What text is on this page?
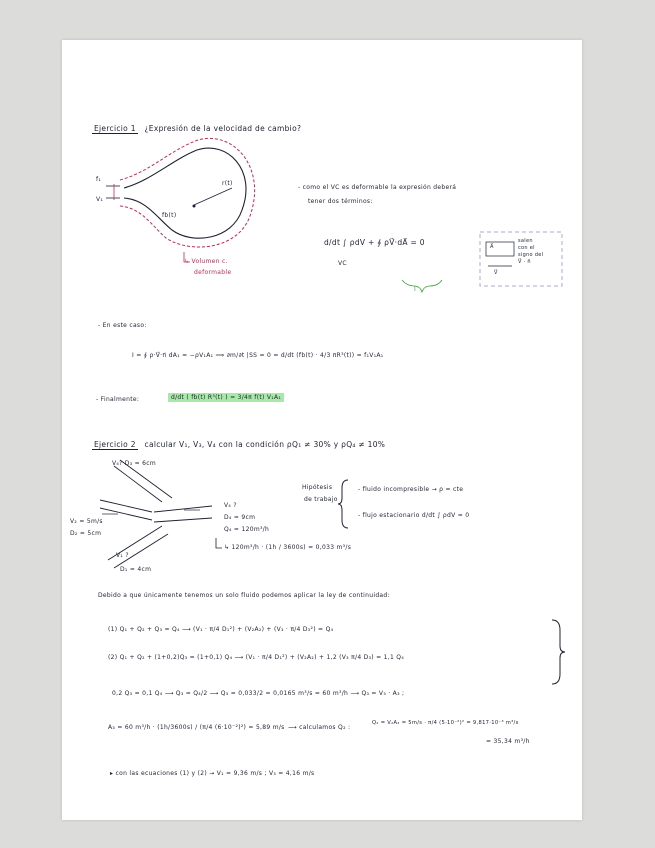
Ejercicio 1 ¿Expresión de la velocidad de cambio?
f₁
V₁
r(t)
fb(t)
↳ Volumen c.
deformable
- como el VC es deformable la expresión deberá
tener dos términos:
d/dt ∫ ρdV + ∮ ρV⃗·dA⃗ = 0
VC
I
salen
con el
signo del
V⃗ · n⃗
A⃗
V⃗
- En este caso:
I = ∮ ρ·V⃗·n⃗ dA₁ = −ρV₁A₁ ⟹ ∂m/∂t |SS = 0 = d/dt (fb(t) · 4/3 πR³(t)) = f₁V₁A₁
- Finalmente:	d/dt ( fb(t) R³(t) ) = 3/4π f(t) V₁A₁
Ejercicio 2 calcular V₁, V₃, V₄ con la condición ρQ₁ ≠ 30% y ρQ₄ ≠ 10%
V₄? D₃ = 6cm
V₄ ?
D₄ = 9cm
Q₄ = 120m³/h
V₂ = 5m/s
D₂ = 5cm
V₁ ?
D₁ = 4cm
Hipótesis
de trabajo
- fluido incompresible → ρ = cte
- flujo estacionario d/dt ∫ ρdV = 0
↳ 120m³/h · (1h / 3600s) = 0,033 m³/s
Debido a que únicamente tenemos un solo fluido podemos aplicar la ley de continuidad:
(1) Q₁ + Q₂ + Q₃ = Q₄ ⟶ (V₁ · π/4 D₁²) + (V₂A₂) + (V₃ · π/4 D₃²) = Q₄
(2) Q₁ + Q₂ + (1+0,2)Q₃ = (1+0,1) Q₄ ⟶ (V₁ · π/4 D₁²) + (V₂A₂) + 1,2 (V₃ π/4 D₃) = 1,1 Q₄
0,2 Q₃ = 0,1 Q₄ ⟶ Q₃ = Q₄/2 ⟶ Q₃ = 0,033/2 = 0,0165 m³/s = 60 m³/h ⟶ Q₃ = V₃ · A₃ ;
A₃ = 60 m³/h · (1h/3600s) / (π/4 (6·10⁻²)²) = 5,89 m/s ⟶ calculamos Q₂ :
Q₂ = V₂A₂ = 5m/s · π/4 (5·10⁻²)² = 9,817·10⁻³ m³/s
= 35,34 m³/h
▸ con las ecuaciones (1) y (2) → V₁ = 9,36 m/s ; V₃ = 4,16 m/s
